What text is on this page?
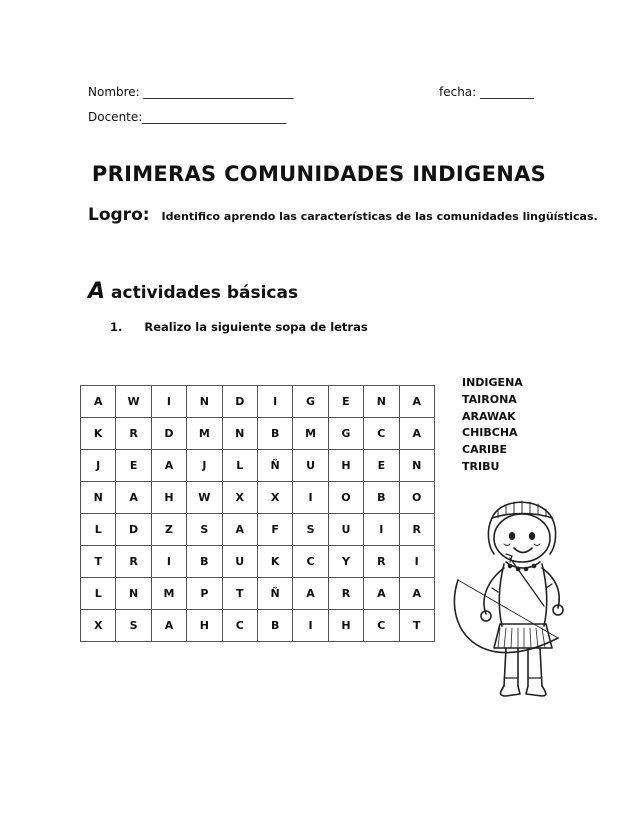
Nombre: _________________________	fecha: _________
Docente:________________________
PRIMERAS COMUNIDADES INDIGENAS
Logro: Identifico aprendo las características de las comunidades lingüísticas.
A actividades básicas
1. Realizo la siguiente sopa de letras
A	W	I	N	D	I	G	E	N	A
K	R	D	M	N	B	M	G	C	A
J	E	A	J	L	Ñ	U	H	E	N
N	A	H	W	X	X	I	O	B	O
L	D	Z	S	A	F	S	U	I	R
T	R	I	B	U	K	C	Y	R	I
L	N	M	P	T	Ñ	A	R	A	A
X	S	A	H	C	B	I	H	C	T
INDIGENA
TAIRONA
ARAWAK
CHIBCHA
CARIBE
TRIBU
